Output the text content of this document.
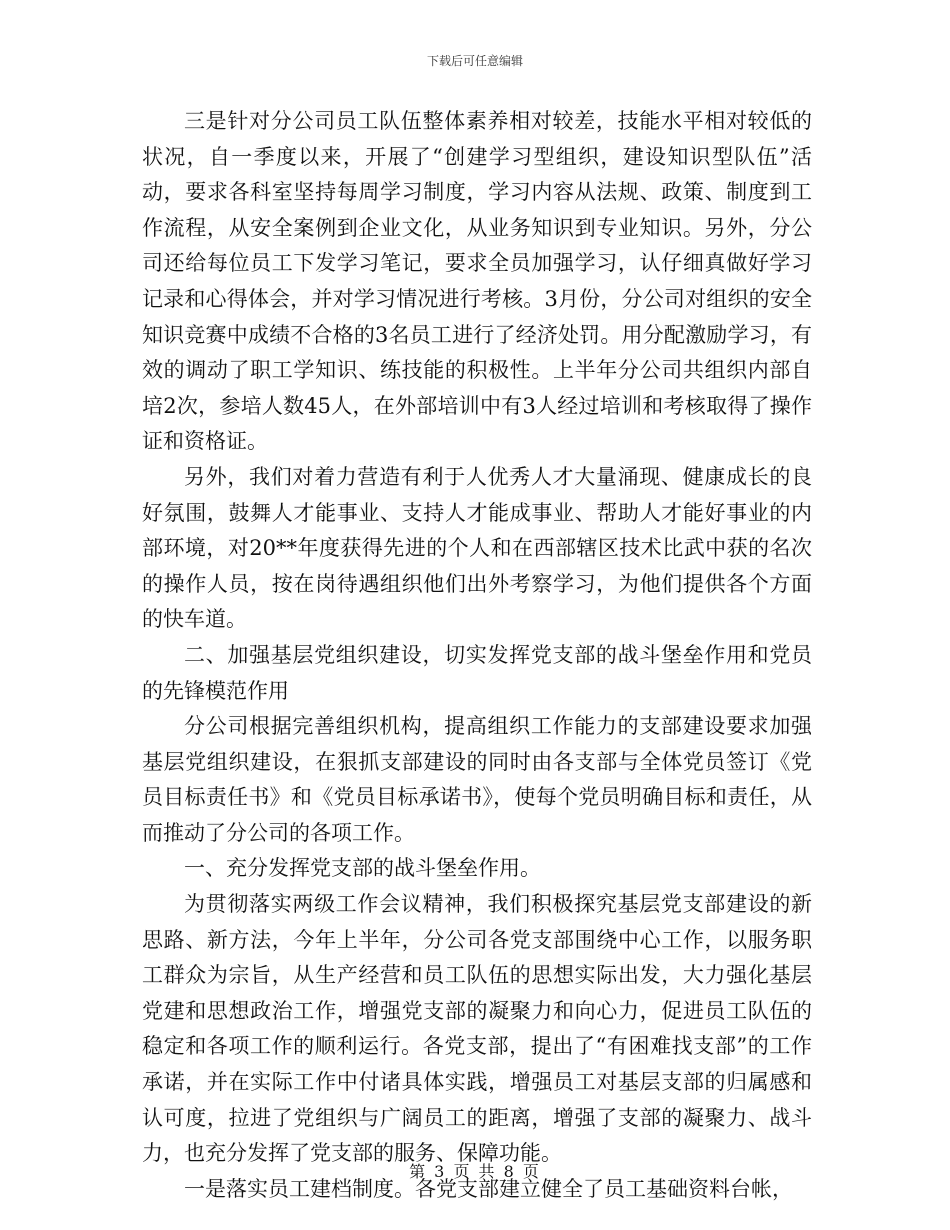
下载后可任意编辑

三是针对分公司员工队伍整体素养相对较差，技能水平相对较低的状况，自一季度以来，开展了“创建学习型组织，建设知识型队伍”活动，要求各科室坚持每周学习制度，学习内容从法规、政策、制度到工作流程，从安全案例到企业文化，从业务知识到专业知识。另外，分公司还给每位员工下发学习笔记，要求全员加强学习，认仔细真做好学习记录和心得体会，并对学习情况进行考核。3月份，分公司对组织的安全知识竞赛中成绩不合格的3名员工进行了经济处罚。用分配激励学习，有效的调动了职工学知识、练技能的积极性。上半年分公司共组织内部自培2次，参培人数45人，在外部培训中有3人经过培训和考核取得了操作证和资格证。

另外，我们对着力营造有利于人优秀人才大量涌现、健康成长的良好氛围，鼓舞人才能事业、支持人才能成事业、帮助人才能好事业的内部环境，对20**年度获得先进的个人和在西部辖区技术比武中获的名次的操作人员，按在岗待遇组织他们出外考察学习，为他们提供各个方面的快车道。

二、加强基层党组织建设，切实发挥党支部的战斗堡垒作用和党员的先锋模范作用

分公司根据完善组织机构，提高组织工作能力的支部建设要求加强基层党组织建设，在狠抓支部建设的同时由各支部与全体党员签订《党员目标责任书》和《党员目标承诺书》，使每个党员明确目标和责任，从而推动了分公司的各项工作。

一、充分发挥党支部的战斗堡垒作用。

为贯彻落实两级工作会议精神，我们积极探究基层党支部建设的新思路、新方法，今年上半年，分公司各党支部围绕中心工作，以服务职工群众为宗旨，从生产经营和员工队伍的思想实际出发，大力强化基层党建和思想政治工作，增强党支部的凝聚力和向心力，促进员工队伍的稳定和各项工作的顺利运行。各党支部，提出了“有困难找支部”的工作承诺，并在实际工作中付诸具体实践，增强员工对基层支部的归属感和认可度，拉进了党组织与广阔员工的距离，增强了支部的凝聚力、战斗力，也充分发挥了党支部的服务、保障功能。

一是落实员工建档制度。各党支部建立健全了员工基础资料台帐，

第 3 页 共 8 页
